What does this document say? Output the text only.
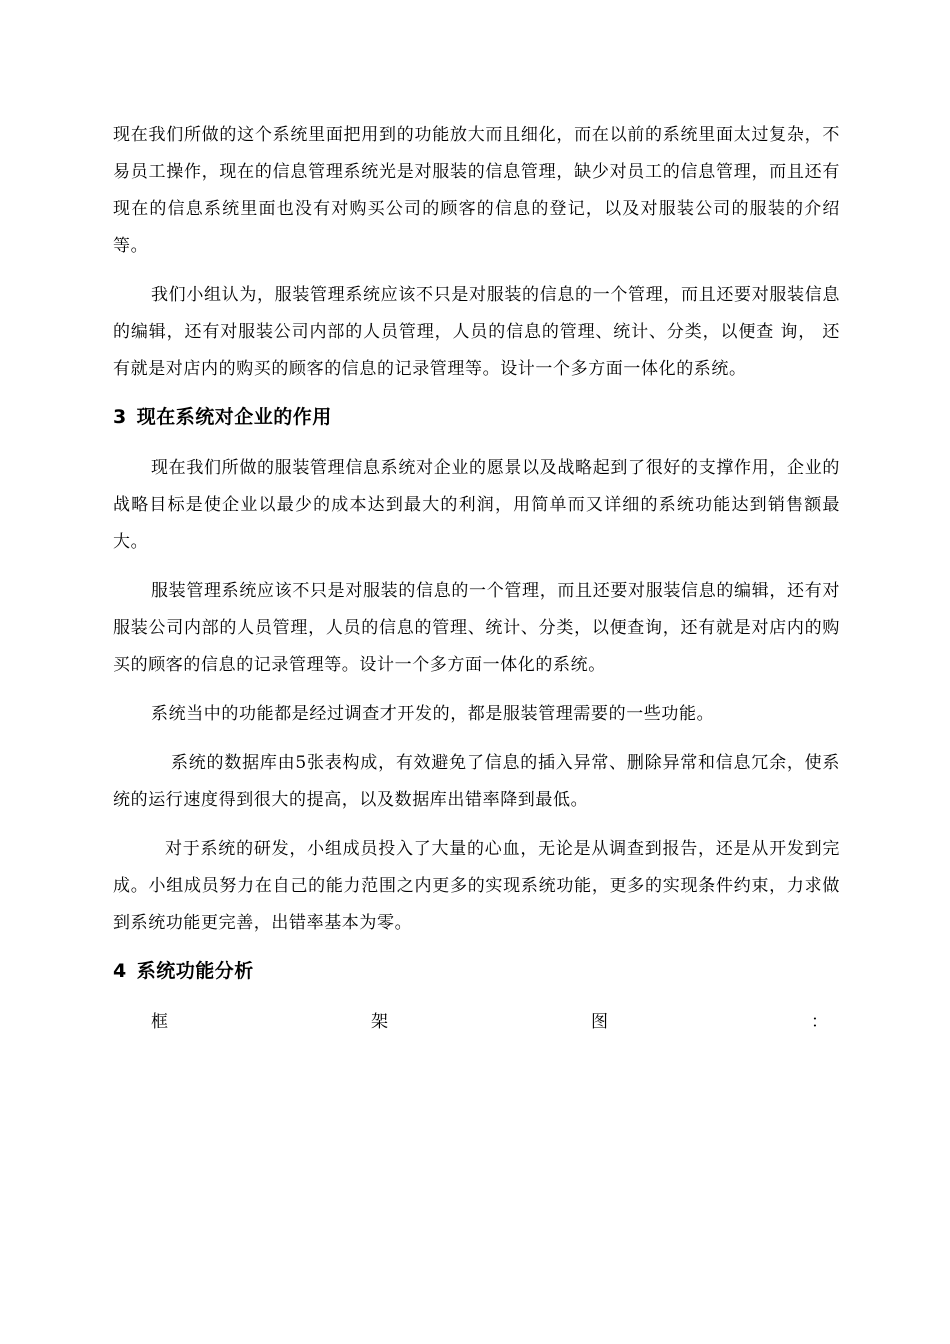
现在我们所做的这个系统里面把用到的功能放大而且细化，而在以前的系统里面太过复杂，不易员工操作，现在的信息管理系统光是对服装的信息管理，缺少对员工的信息管理，而且还有现在的信息系统里面也没有对购买公司的顾客的信息的登记，以及对服装公司的服装的介绍等。

我们小组认为，服装管理系统应该不只是对服装的信息的一个管理，而且还要对服装信息的编辑，还有对服装公司内部的人员管理，人员的信息的管理、统计、分类，以便查 询， 还有就是对店内的购买的顾客的信息的记录管理等。设计一个多方面一体化的系统。

3 现在系统对企业的作用

现在我们所做的服装管理信息系统对企业的愿景以及战略起到了很好的支撑作用，企业的战略目标是使企业以最少的成本达到最大的利润，用简单而又详细的系统功能达到销售额最大。

服装管理系统应该不只是对服装的信息的一个管理，而且还要对服装信息的编辑，还有对服装公司内部的人员管理，人员的信息的管理、统计、分类，以便查询，还有就是对店内的购买的顾客的信息的记录管理等。设计一个多方面一体化的系统。

系统当中的功能都是经过调查才开发的，都是服装管理需要的一些功能。

系统的数据库由5张表构成，有效避免了信息的插入异常、删除异常和信息冗余，使系统的运行速度得到很大的提高，以及数据库出错率降到最低。

对于系统的研发，小组成员投入了大量的心血，无论是从调查到报告，还是从开发到完成。小组成员努力在自己的能力范围之内更多的实现系统功能，更多的实现条件约束，力求做到系统功能更完善，出错率基本为零。

4 系统功能分析
框	架	图	：
